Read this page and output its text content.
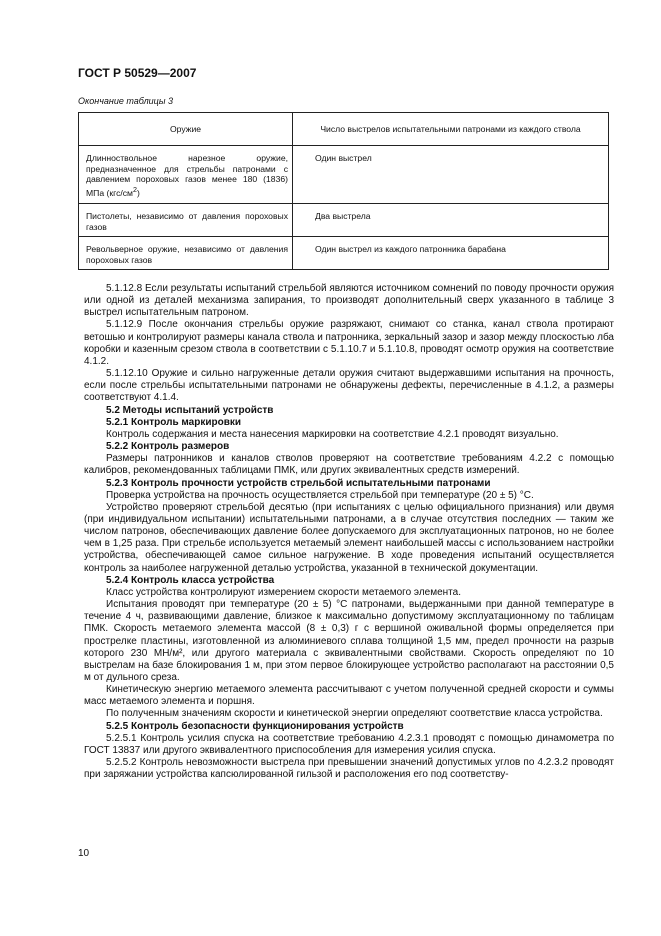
ГОСТ Р 50529—2007

Окончание таблицы 3

Оружие	Число выстрелов испытательными патронами из каждого ствола
Длинноствольное нарезное оружие, предназначенное для стрельбы патронами с давлением пороховых газов менее 180 (1836) МПа $(кгс/см^2)$	Один выстрел
Пистолеты, независимо от давления пороховых газов	Два выстрела
Револьверное оружие, независимо от давления пороховых газов	Один выстрел из каждого патронника барабана

5.1.12.8 Если результаты испытаний стрельбой являются источником сомнений по поводу прочности оружия или одной из деталей механизма запирания, то производят дополнительный сверх указанного в таблице 3 выстрел испытательным патроном.

5.1.12.9 После окончания стрельбы оружие разряжают, снимают со станка, канал ствола протирают ветошью и контролируют размеры канала ствола и патронника, зеркальный зазор и зазор между плоскостью лба коробки и казенным срезом ствола в соответствии с 5.1.10.7 и 5.1.10.8, проводят осмотр оружия на соответствие 4.1.2.

5.1.12.10 Оружие и сильно нагруженные детали оружия считают выдержавшими испытания на прочность, если после стрельбы испытательными патронами не обнаружены дефекты, перечисленные в 4.1.2, а размеры соответствуют 4.1.4.

5.2 Методы испытаний устройств

5.2.1 Контроль маркировки

Контроль содержания и места нанесения маркировки на соответствие 4.2.1 проводят визуально.

5.2.2 Контроль размеров

Размеры патронников и каналов стволов проверяют на соответствие требованиям 4.2.2 с помощью калибров, рекомендованных таблицами ПМК, или других эквивалентных средств измерений.

5.2.3 Контроль прочности устройств стрельбой испытательными патронами

Проверка устройства на прочность осуществляется стрельбой при температуре (20 ± 5) °С.

Устройство проверяют стрельбой десятью (при испытаниях с целью официального признания) или двумя (при индивидуальном испытании) испытательными патронами, а в случае отсутствия последних — таким же числом патронов, обеспечивающих давление более допускаемого для эксплуатационных патронов, но не более чем в 1,25 раза. При стрельбе используется метаемый элемент наибольшей массы с использованием настройки устройства, обеспечивающей самое сильное нагружение. В ходе проведения испытаний осуществляется контроль за наиболее нагруженной деталью устройства, указанной в технической документации.

5.2.4 Контроль класса устройства

Класс устройства контролируют измерением скорости метаемого элемента.

Испытания проводят при температуре (20 ± 5) °С патронами, выдержанными при данной температуре в течение 4 ч, развивающими давление, близкое к максимально допустимому эксплуатационному по таблицам ПМК. Скорость метаемого элемента массой (8 ± 0,3) г с вершиной оживальной формы определяется при прострелке пластины, изготовленной из алюминиевого сплава толщиной 1,5 мм, предел прочности на разрыв которого 230 МН/м², или другого материала с эквивалентными свойствами. Скорость определяют по 10 выстрелам на базе блокирования 1 м, при этом первое блокирующее устройство располагают на расстоянии 0,5 м от дульного среза.

Кинетическую энергию метаемого элемента рассчитывают с учетом полученной средней скорости и суммы масс метаемого элемента и поршня.

По полученным значениям скорости и кинетической энергии определяют соответствие класса устройства.

5.2.5 Контроль безопасности функционирования устройств

5.2.5.1 Контроль усилия спуска на соответствие требованию 4.2.3.1 проводят с помощью динамометра по ГОСТ 13837 или другого эквивалентного приспособления для измерения усилия спуска.

5.2.5.2 Контроль невозможности выстрела при превышении значений допустимых углов по 4.2.3.2 проводят при заряжании устройства капсюлированной гильзой и расположения его под соответству-

10
